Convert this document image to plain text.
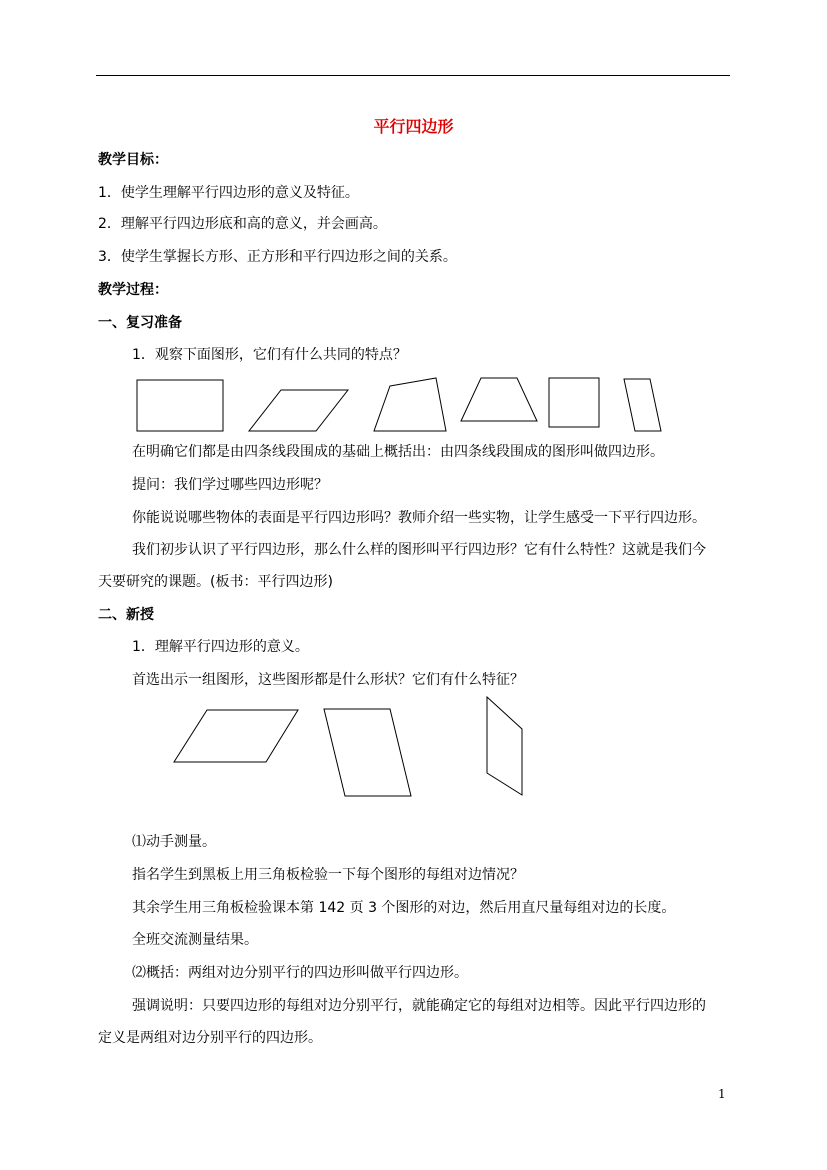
平行四边形
教学目标：
1．使学生理解平行四边形的意义及特征。
2．理解平行四边形底和高的意义，并会画高。
3．使学生掌握长方形、正方形和平行四边形之间的关系。
教学过程：
一、复习准备
1．观察下面图形，它们有什么共同的特点？
在明确它们都是由四条线段围成的基础上概括出：由四条线段围成的图形叫做四边形。
提问：我们学过哪些四边形呢？
你能说说哪些物体的表面是平行四边形吗？教师介绍一些实物，让学生感受一下平行四边形。
我们初步认识了平行四边形，那么什么样的图形叫平行四边形？它有什么特性？这就是我们今
天要研究的课题。(板书：平行四边形)
二、新授
1．理解平行四边形的意义。
首选出示一组图形，这些图形都是什么形状？它们有什么特征？
⑴动手测量。
指名学生到黑板上用三角板检验一下每个图形的每组对边情况？
其余学生用三角板检验课本第 142 页 3 个图形的对边，然后用直尺量每组对边的长度。
全班交流测量结果。
⑵概括：两组对边分别平行的四边形叫做平行四边形。
强调说明：只要四边形的每组对边分别平行，就能确定它的每组对边相等。因此平行四边形的
定义是两组对边分别平行的四边形。
1
